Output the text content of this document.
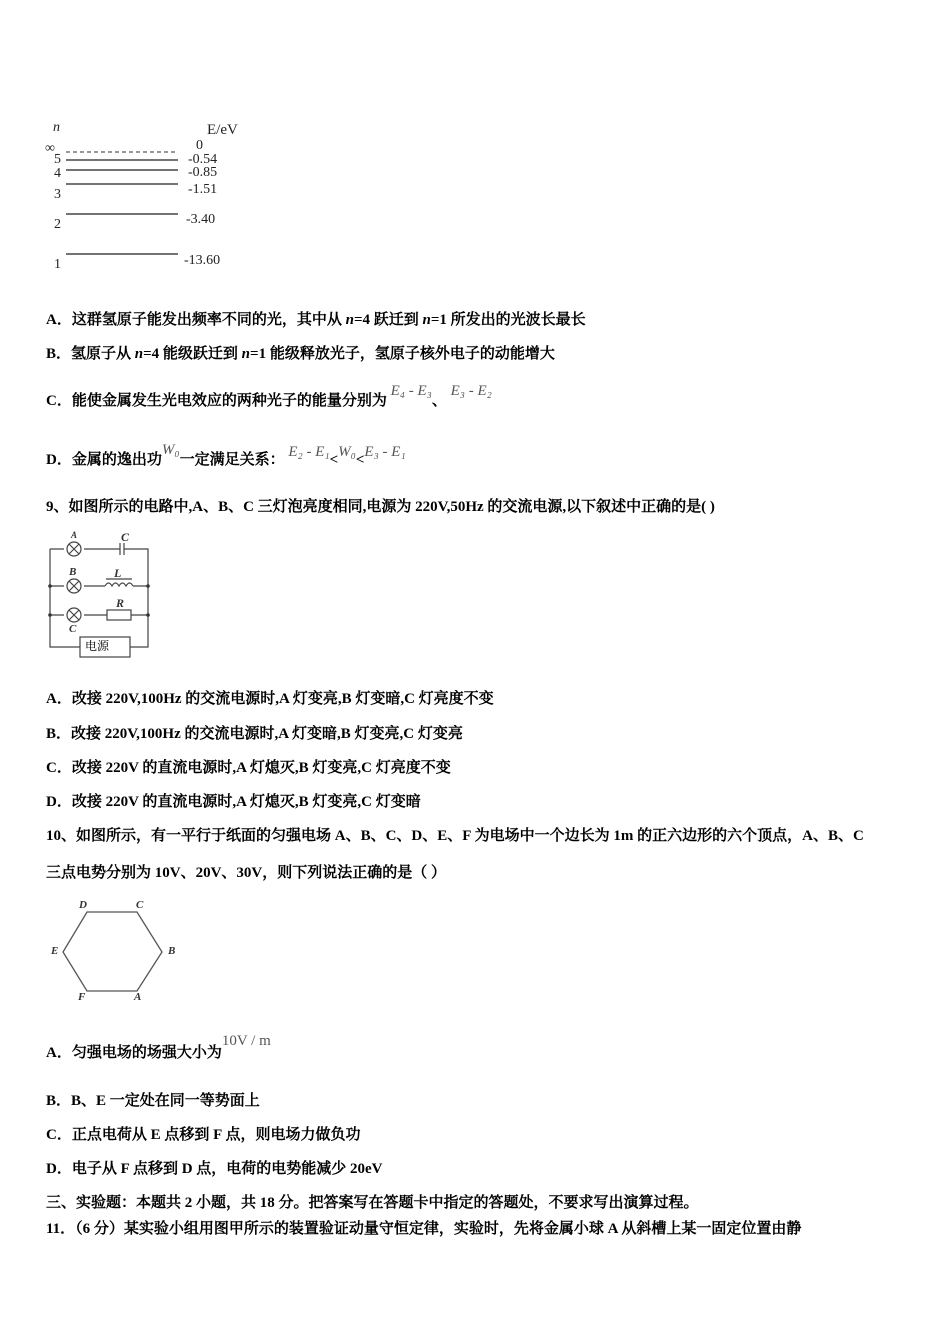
n	E/eV
∞
5
4
3
2
1
0
-0.54
-0.85
-1.51
-3.40
-13.60
A．这群氢原子能发出频率不同的光，其中从 n=4 跃迁到 n=1 所发出的光波长最长
B．氢原子从 n=4 能级跃迁到 n=1 能级释放光子，氢原子核外电子的动能增大
C．能使金属发生光电效应的两种光子的能量分别为 E₄ - E₃、 E₃ - E₂
D．金属的逸出功W₀一定满足关系： E₂ - E₁<W₀<E₃ - E₁
9、如图所示的电路中,A、B、C 三灯泡亮度相同,电源为 220V,50Hz 的交流电源,以下叙述中正确的是( )
A
B
C
C
L
R
电源
A．改接 220V,100Hz 的交流电源时,A 灯变亮,B 灯变暗,C 灯亮度不变
B．改接 220V,100Hz 的交流电源时,A 灯变暗,B 灯变亮,C 灯变亮
C．改接 220V 的直流电源时,A 灯熄灭,B 灯变亮,C 灯亮度不变
D．改接 220V 的直流电源时,A 灯熄灭,B 灯变亮,C 灯变暗
10、如图所示，有一平行于纸面的匀强电场 A、B、C、D、E、F 为电场中一个边长为 1m 的正六边形的六个顶点，A、B、C
三点电势分别为 10V、20V、30V，则下列说法正确的是（ ）
D	C
E	B
F	A
A．匀强电场的场强大小为10V / m
B．B、E 一定处在同一等势面上
C．正点电荷从 E 点移到 F 点，则电场力做负功
D．电子从 F 点移到 D 点，电荷的电势能减少 20eV
三、实验题：本题共 2 小题，共 18 分。把答案写在答题卡中指定的答题处，不要求写出演算过程。
11．（6 分）某实验小组用图甲所示的装置验证动量守恒定律，实验时，先将金属小球 A 从斜槽上某一固定位置由静
